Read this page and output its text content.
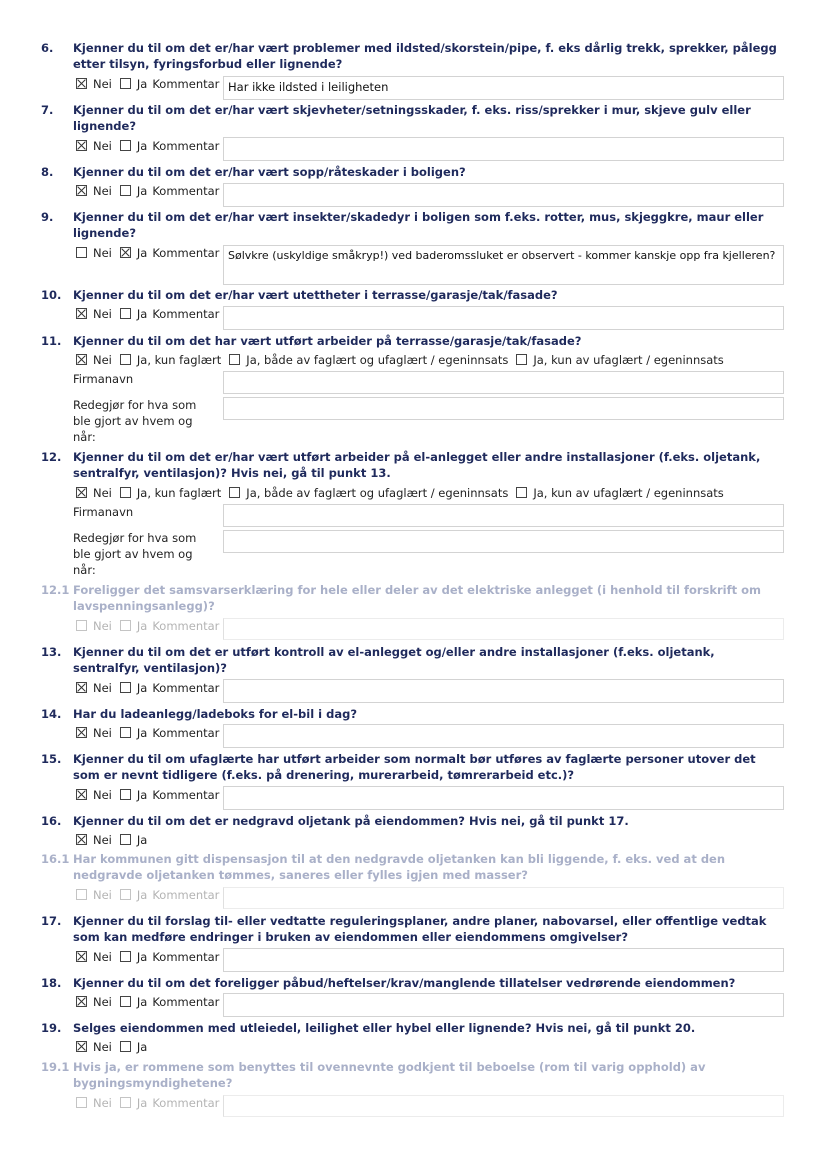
6. Kjenner du til om det er/har vært problemer med ildsted/skorstein/pipe, f. eks dårlig trekk, sprekker, pålegg etter tilsyn, fyringsforbud eller lignende?
Nei Ja Kommentar Har ikke ildsted i leiligheten
7. Kjenner du til om det er/har vært skjevheter/setningsskader, f. eks. riss/sprekker i mur, skjeve gulv eller lignende?
Nei Ja Kommentar
8. Kjenner du til om det er/har vært sopp/råteskader i boligen?
Nei Ja Kommentar
9. Kjenner du til om det er/har vært insekter/skadedyr i boligen som f.eks. rotter, mus, skjeggkre, maur eller lignende?
Nei Ja Kommentar Sølvkre (uskyldige småkryp!) ved baderomssluket er observert - kommer kanskje opp fra kjelleren?
10. Kjenner du til om det er/har vært utettheter i terrasse/garasje/tak/fasade?
Nei Ja Kommentar
11. Kjenner du til om det har vært utført arbeider på terrasse/garasje/tak/fasade?
Nei Ja, kun faglært Ja, både av faglært og ufaglært / egeninnsats Ja, kun av ufaglært / egeninnsats
Firmanavn
Redegjør for hva som ble gjort av hvem og når:
12. Kjenner du til om det er/har vært utført arbeider på el-anlegget eller andre installasjoner (f.eks. oljetank, sentralfyr, ventilasjon)? Hvis nei, gå til punkt 13.
Nei Ja, kun faglært Ja, både av faglært og ufaglært / egeninnsats Ja, kun av ufaglært / egeninnsats
Firmanavn
Redegjør for hva som ble gjort av hvem og når:
12.1 Foreligger det samsvarserklæring for hele eller deler av det elektriske anlegget (i henhold til forskrift om lavspenningsanlegg)?
Nei Ja Kommentar
13. Kjenner du til om det er utført kontroll av el-anlegget og/eller andre installasjoner (f.eks. oljetank, sentralfyr, ventilasjon)?
Nei Ja Kommentar
14. Har du ladeanlegg/ladeboks for el-bil i dag?
Nei Ja Kommentar
15. Kjenner du til om ufaglærte har utført arbeider som normalt bør utføres av faglærte personer utover det som er nevnt tidligere (f.eks. på drenering, murerarbeid, tømrerarbeid etc.)?
Nei Ja Kommentar
16. Kjenner du til om det er nedgravd oljetank på eiendommen? Hvis nei, gå til punkt 17.
Nei Ja
16.1 Har kommunen gitt dispensasjon til at den nedgravde oljetanken kan bli liggende, f. eks. ved at den nedgravde oljetanken tømmes, saneres eller fylles igjen med masser?
Nei Ja Kommentar
17. Kjenner du til forslag til- eller vedtatte reguleringsplaner, andre planer, nabovarsel, eller offentlige vedtak som kan medføre endringer i bruken av eiendommen eller eiendommens omgivelser?
Nei Ja Kommentar
18. Kjenner du til om det foreligger påbud/heftelser/krav/manglende tillatelser vedrørende eiendommen?
Nei Ja Kommentar
19. Selges eiendommen med utleiedel, leilighet eller hybel eller lignende? Hvis nei, gå til punkt 20.
Nei Ja
19.1 Hvis ja, er rommene som benyttes til ovennevnte godkjent til beboelse (rom til varig opphold) av bygningsmyndighetene?
Nei Ja Kommentar
